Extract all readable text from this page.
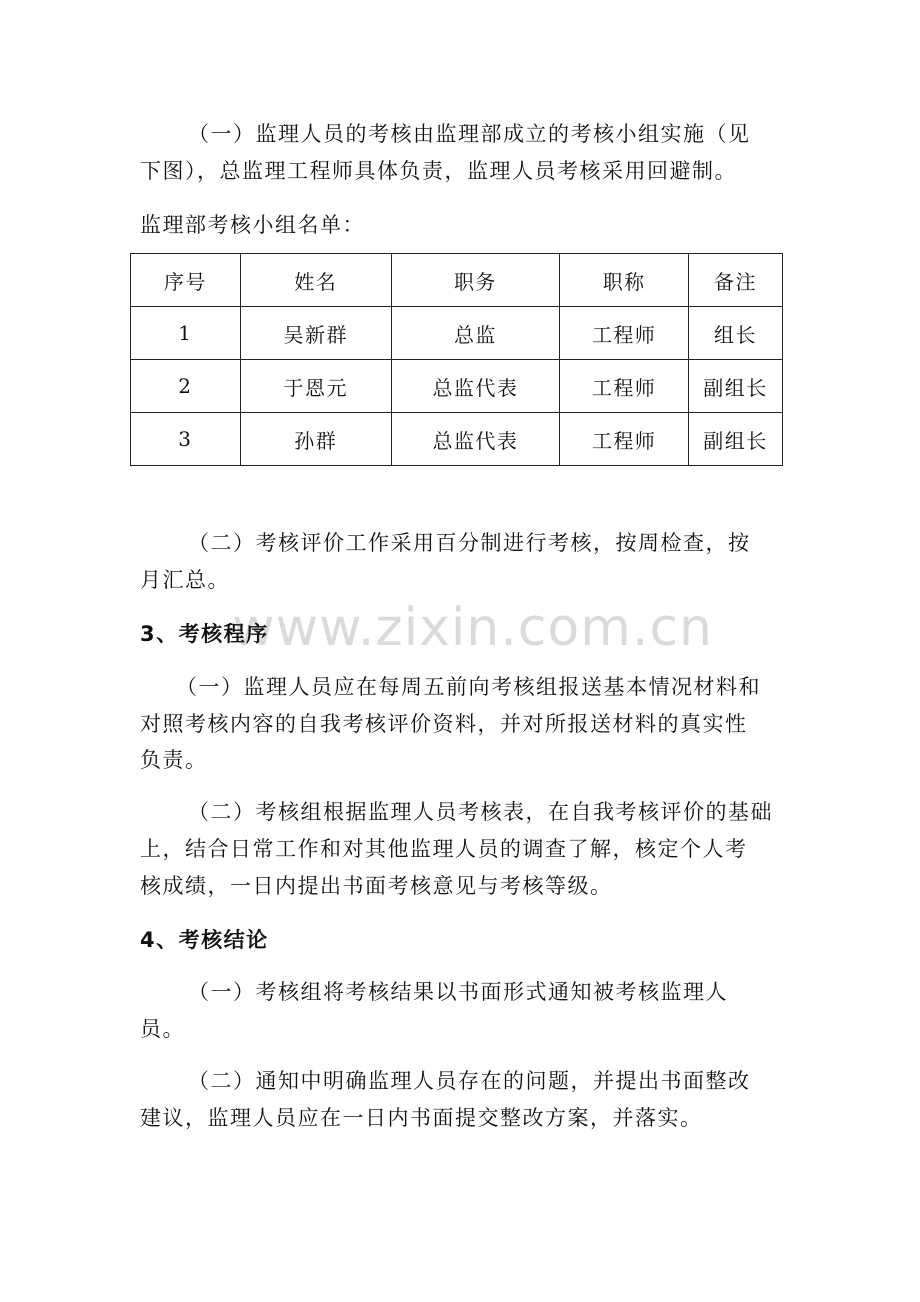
www.zixin.com.cn
（一）监理人员的考核由监理部成立的考核小组实施（见
下图），总监理工程师具体负责，监理人员考核采用回避制。
监理部考核小组名单：
序号	姓名	职务	职称	备注
1	吴新群	总监	工程师	组长
2	于恩元	总监代表	工程师	副组长
3	孙群	总监代表	工程师	副组长
（二）考核评价工作采用百分制进行考核，按周检查，按
月汇总。
3、考核程序
（一）监理人员应在每周五前向考核组报送基本情况材料和
对照考核内容的自我考核评价资料，并对所报送材料的真实性
负责。
（二）考核组根据监理人员考核表，在自我考核评价的基础
上，结合日常工作和对其他监理人员的调查了解，核定个人考
核成绩，一日内提出书面考核意见与考核等级。
4、考核结论
（一）考核组将考核结果以书面形式通知被考核监理人
员。
（二）通知中明确监理人员存在的问题，并提出书面整改
建议，监理人员应在一日内书面提交整改方案，并落实。
